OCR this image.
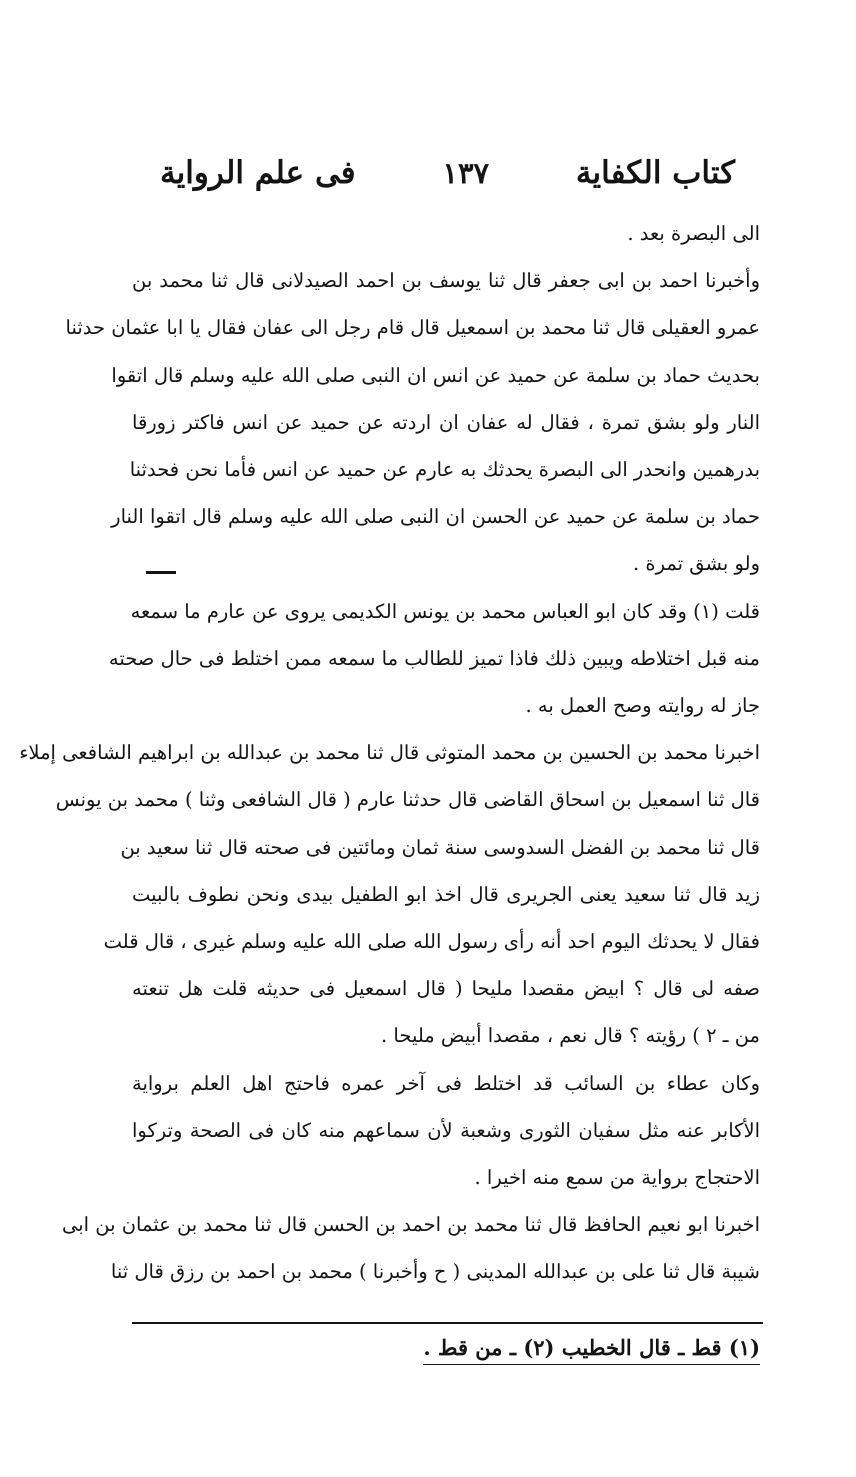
كتاب الكفاية
١٣٧
فى علم الرواية
الى البصرة بعد .
وأخبرنا احمد بن ابى جعفر قال ثنا يوسف بن احمد الصيدلانى قال ثنا محمد بن
عمرو العقيلى قال ثنا محمد بن اسمعيل قال قام رجل الى عفان فقال يا ابا عثمان حدثنا
بحديث حماد بن سلمة عن حميد عن انس ان النبى صلى الله عليه وسلم قال اتقوا
النار ولو بشق تمرة ، فقال له عفان ان اردته عن حميد عن انس فاكتر زورقا
بدرهمين وانحدر الى البصرة يحدثك به عارم عن حميد عن انس فأما نحن فحدثنا
حماد بن سلمة عن حميد عن الحسن ان النبى صلى الله عليه وسلم قال اتقوا النار
ولو بشق تمرة .
قلت (١) وقد كان ابو العباس محمد بن يونس الكديمى يروى عن عارم ما سمعه
منه قبل اختلاطه ويبين ذلك فاذا تميز للطالب ما سمعه ممن اختلط فى حال صحته
جاز له روايته وصح العمل به .
اخبرنا محمد بن الحسين بن محمد المتوثى قال ثنا محمد بن عبدالله بن ابراهيم الشافعى إملاء
قال ثنا اسمعيل بن اسحاق القاضى قال حدثنا عارم ( قال الشافعى وثنا ) محمد بن يونس
قال ثنا محمد بن الفضل السدوسى سنة ثمان ومائتين فى صحته قال ثنا سعيد بن
زيد قال ثنا سعيد يعنى الجريرى قال اخذ ابو الطفيل بيدى ونحن نطوف بالبيت
فقال لا يحدثك اليوم احد أنه رأى رسول الله صلى الله عليه وسلم غيرى ، قال قلت
صفه لى قال ؟ ابيض مقصدا مليحا ( قال اسمعيل فى حديثه قلت هل تنعته
من ـ ٢ ) رؤيته ؟ قال نعم ، مقصدا أبيض مليحا .
وكان عطاء بن السائب قد اختلط فى آخر عمره فاحتج اهل العلم برواية
الأكابر عنه مثل سفيان الثورى وشعبة لأن سماعهم منه كان فى الصحة وتركوا
الاحتجاج برواية من سمع منه اخيرا .
اخبرنا ابو نعيم الحافظ قال ثنا محمد بن احمد بن الحسن قال ثنا محمد بن عثمان بن ابى
شيبة قال ثنا على بن عبدالله المدينى ( ح وأخبرنا ) محمد بن احمد بن رزق قال ثنا
(١) قط ـ قال الخطيب (٢) ـ من قط .
